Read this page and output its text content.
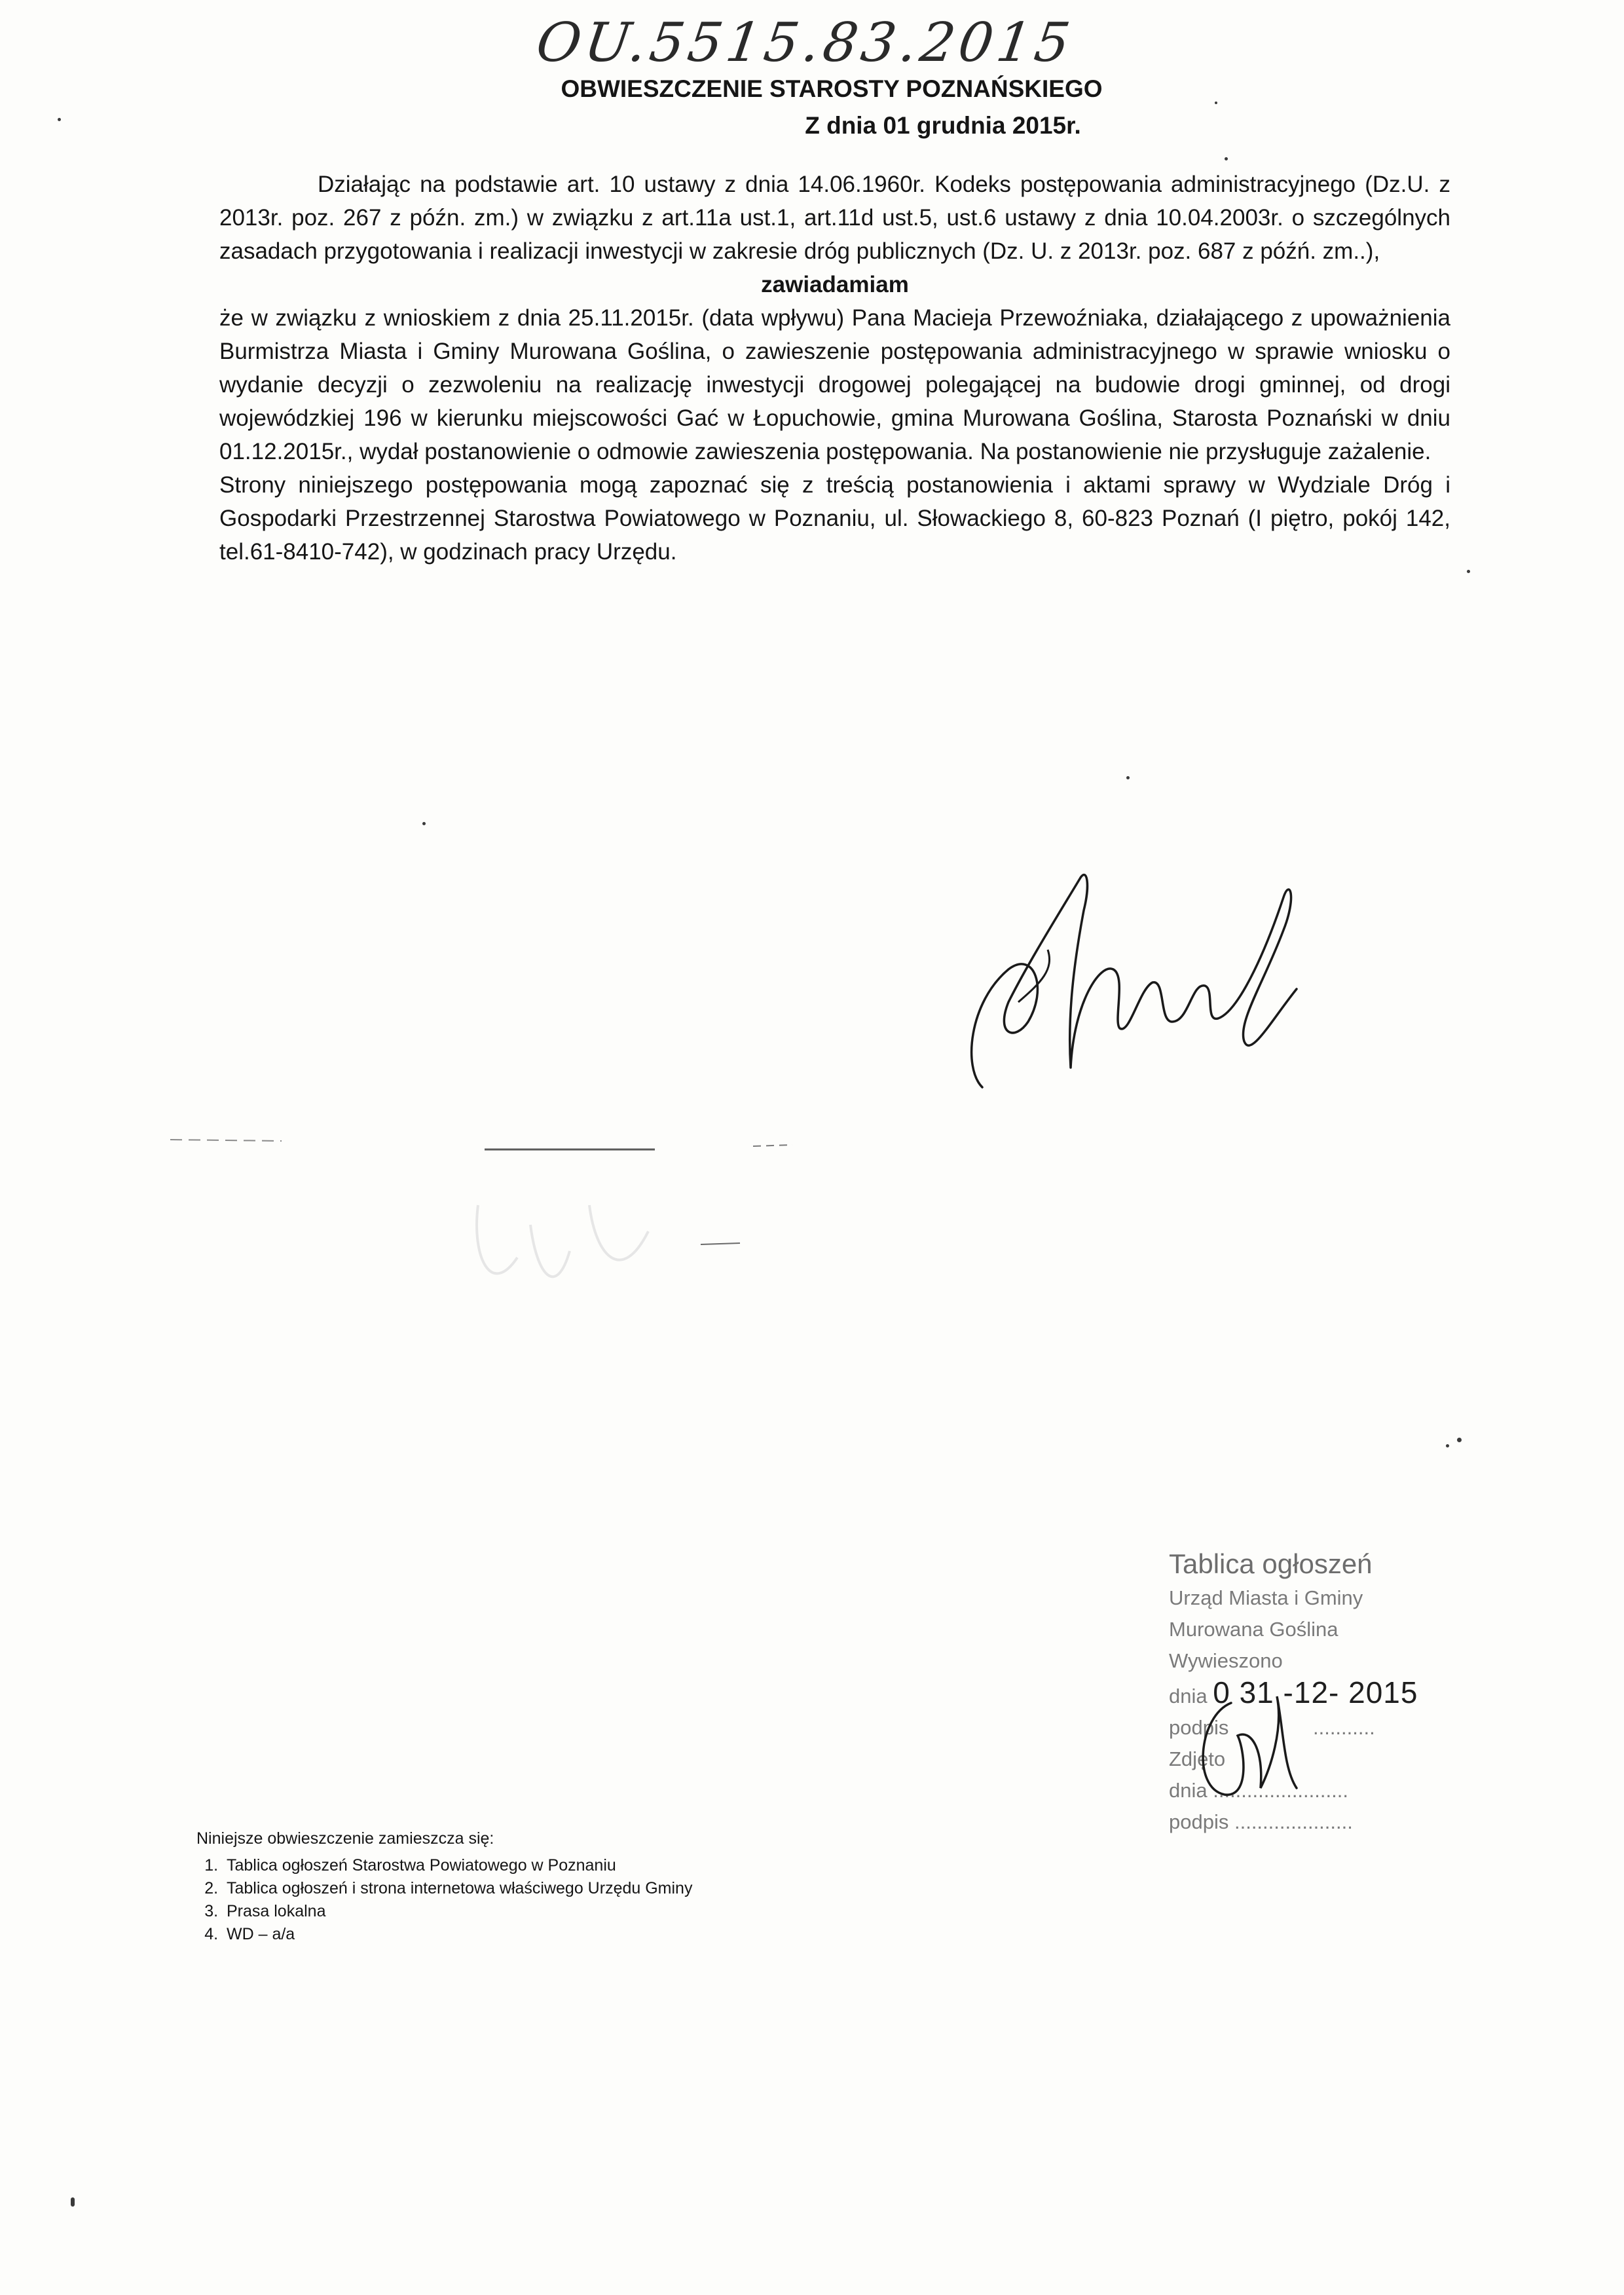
OU.5515.83.2015
OBWIESZCZENIE STAROSTY POZNAŃSKIEGO
Z dnia 01 grudnia 2015r.

Działając na podstawie art. 10 ustawy z dnia 14.06.1960r. Kodeks postępowania administracyjnego (Dz.U. z 2013r. poz. 267 z późn. zm.) w związku z art.11a ust.1, art.11d ust.5, ust.6 ustawy z dnia 10.04.2003r. o szczególnych zasadach przygotowania i realizacji inwestycji w zakresie dróg publicznych (Dz. U. z 2013r. poz. 687 z późń. zm..),

zawiadamiam

że w związku z wnioskiem z dnia 25.11.2015r. (data wpływu) Pana Macieja Przewoźniaka, działającego z upoważnienia Burmistrza Miasta i Gminy Murowana Goślina, o zawieszenie postępowania administracyjnego w sprawie wniosku o wydanie decyzji o zezwoleniu na realizację inwestycji drogowej polegającej na budowie drogi gminnej, od drogi wojewódzkiej 196 w kierunku miejscowości Gać w Łopuchowie, gmina Murowana Goślina, Starosta Poznański w dniu 01.12.2015r., wydał postanowienie o odmowie zawieszenia postępowania. Na postanowienie nie przysługuje zażalenie.

Strony niniejszego postępowania mogą zapoznać się z treścią postanowienia i aktami sprawy w Wydziale Dróg i Gospodarki Przestrzennej Starostwa Powiatowego w Poznaniu, ul. Słowackiego 8, 60-823 Poznań (I piętro, pokój 142, tel.61-8410-742), w godzinach pracy Urzędu.

Tablica ogłoszeń
Urząd Miasta i Gminy
Murowana Goślina
Wywieszono
dnia 0 31 -12- 2015
podpis	...........
Zdjęto
dnia ........................
podpis .....................

Niniejsze obwieszczenie zamieszcza się:

1. Tablica ogłoszeń Starostwa Powiatowego w Poznaniu
2. Tablica ogłoszeń i strona internetowa właściwego Urzędu Gminy
3. Prasa lokalna
4. WD – a/a
